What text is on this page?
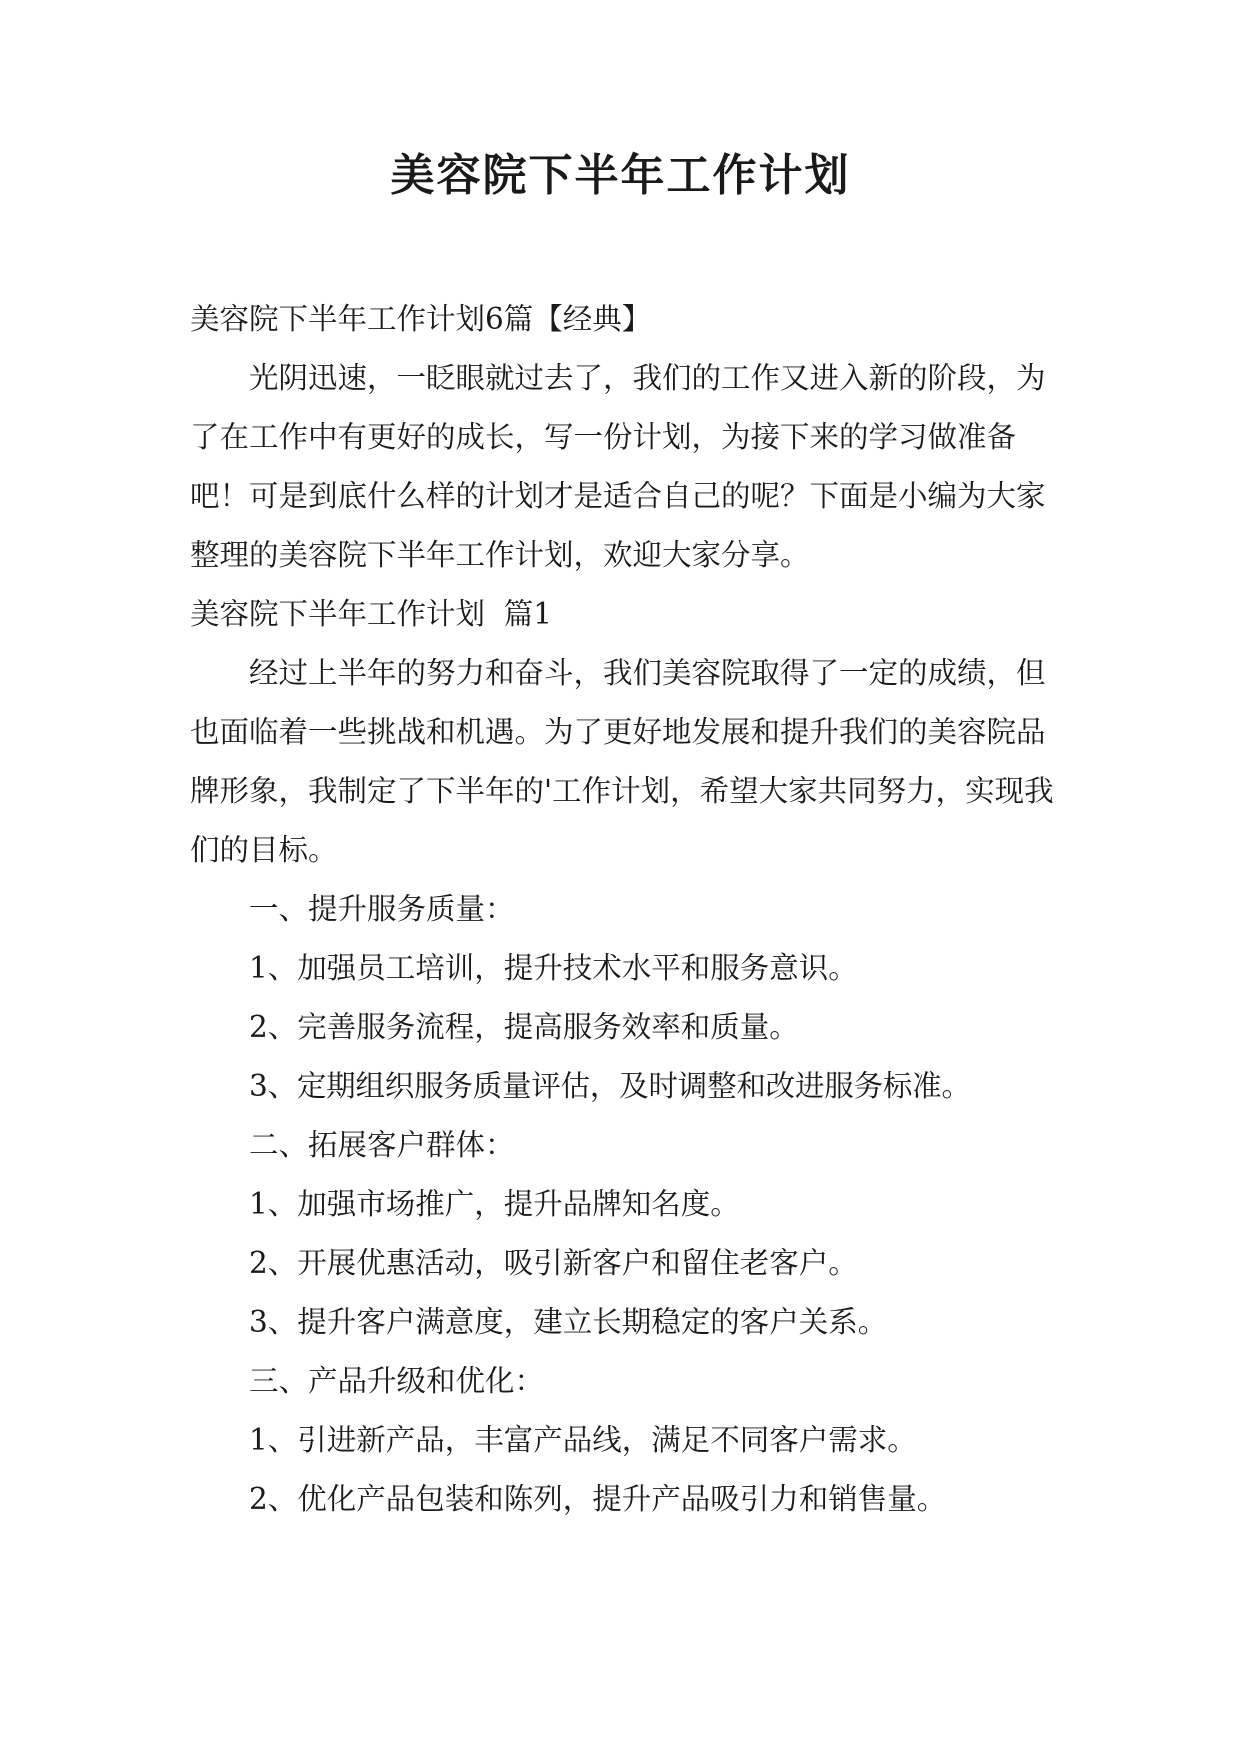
美容院下半年工作计划

美容院下半年工作计划6篇【经典】

光阴迅速，一眨眼就过去了，我们的工作又进入新的阶段，为了在工作中有更好的成长，写一份计划，为接下来的学习做准备吧！可是到底什么样的计划才是适合自己的呢？下面是小编为大家整理的美容院下半年工作计划，欢迎大家分享。

美容院下半年工作计划  篇1

经过上半年的努力和奋斗，我们美容院取得了一定的成绩，但也面临着一些挑战和机遇。为了更好地发展和提升我们的美容院品牌形象，我制定了下半年的'工作计划，希望大家共同努力，实现我们的目标。

一、提升服务质量：

1、加强员工培训，提升技术水平和服务意识。

2、完善服务流程，提高服务效率和质量。

3、定期组织服务质量评估，及时调整和改进服务标准。

二、拓展客户群体：

1、加强市场推广，提升品牌知名度。

2、开展优惠活动，吸引新客户和留住老客户。

3、提升客户满意度，建立长期稳定的客户关系。

三、产品升级和优化：

1、引进新产品，丰富产品线，满足不同客户需求。

2、优化产品包装和陈列，提升产品吸引力和销售量。
